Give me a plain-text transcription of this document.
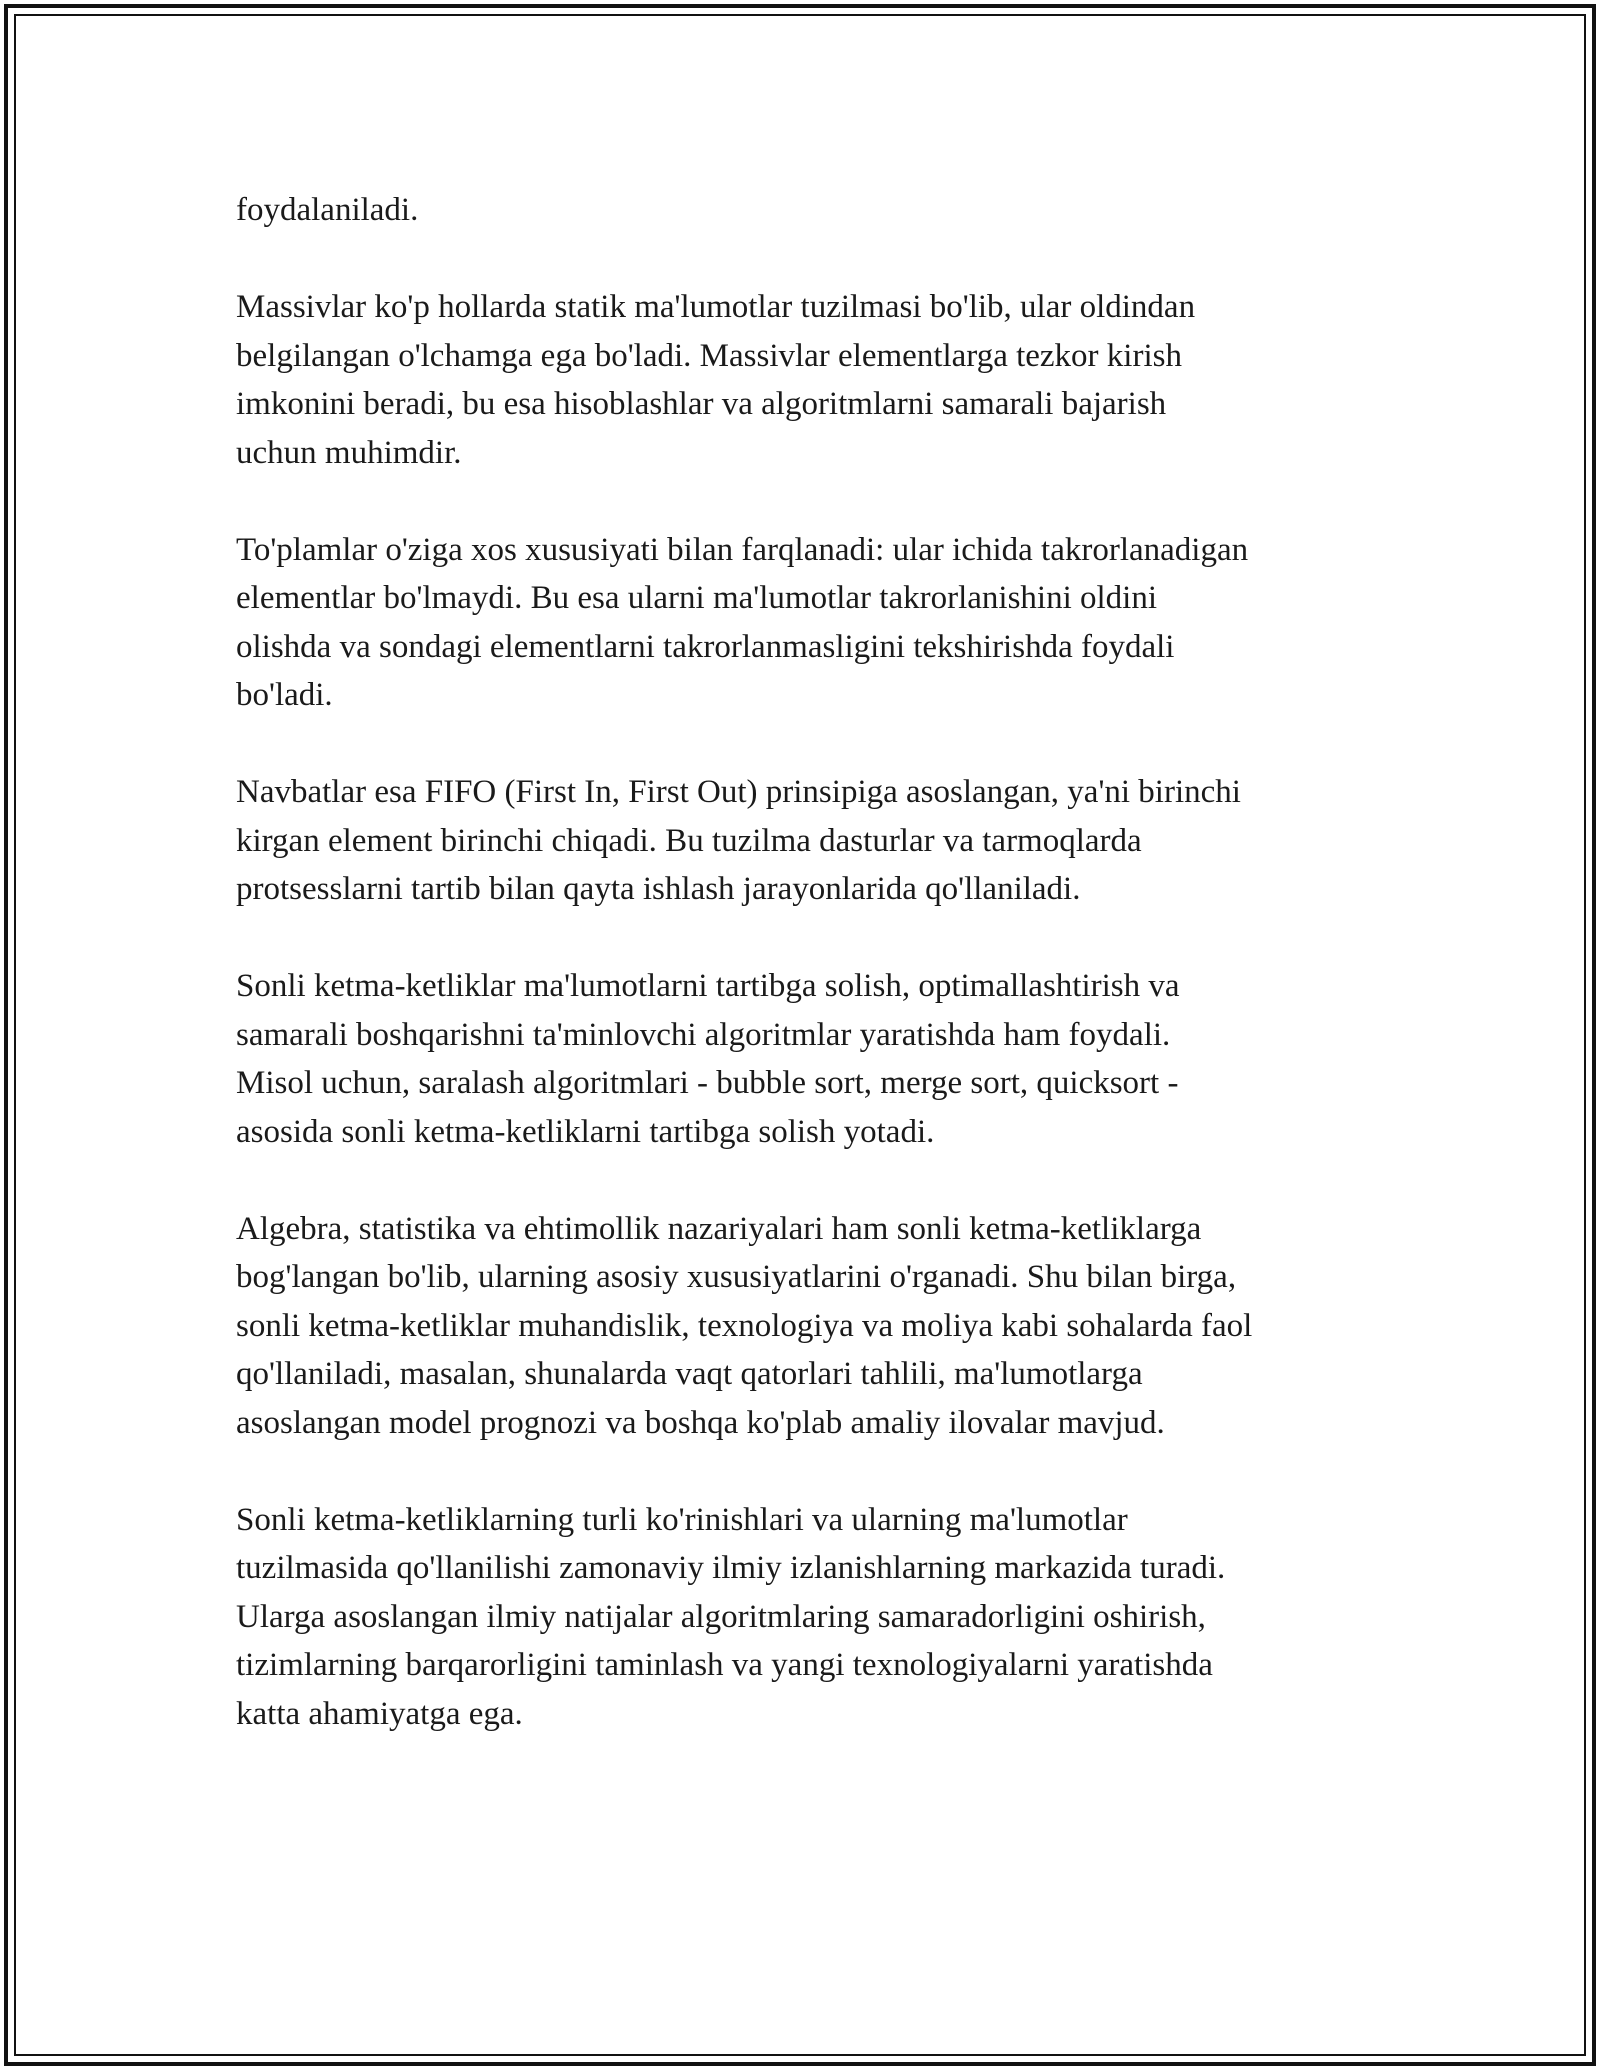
foydalaniladi.

Massivlar ko'p hollarda statik ma'lumotlar tuzilmasi bo'lib, ular oldindan
belgilangan o'lchamga ega bo'ladi. Massivlar elementlarga tezkor kirish
imkonini beradi, bu esa hisoblashlar va algoritmlarni samarali bajarish
uchun muhimdir.

To'plamlar o'ziga xos xususiyati bilan farqlanadi: ular ichida takrorlanadigan
elementlar bo'lmaydi. Bu esa ularni ma'lumotlar takrorlanishini oldini
olishda va sondagi elementlarni takrorlanmasligini tekshirishda foydali
bo'ladi.

Navbatlar esa FIFO (First In, First Out) prinsipiga asoslangan, ya'ni birinchi
kirgan element birinchi chiqadi. Bu tuzilma dasturlar va tarmoqlarda
protsesslarni tartib bilan qayta ishlash jarayonlarida qo'llaniladi.

Sonli ketma-ketliklar ma'lumotlarni tartibga solish, optimallashtirish va
samarali boshqarishni ta'minlovchi algoritmlar yaratishda ham foydali.
Misol uchun, saralash algoritmlari - bubble sort, merge sort, quicksort -
asosida sonli ketma-ketliklarni tartibga solish yotadi.

Algebra, statistika va ehtimollik nazariyalari ham sonli ketma-ketliklarga
bog'langan bo'lib, ularning asosiy xususiyatlarini o'rganadi. Shu bilan birga,
sonli ketma-ketliklar muhandislik, texnologiya va moliya kabi sohalarda faol
qo'llaniladi, masalan, shunalarda vaqt qatorlari tahlili, ma'lumotlarga
asoslangan model prognozi va boshqa ko'plab amaliy ilovalar mavjud.

Sonli ketma-ketliklarning turli ko'rinishlari va ularning ma'lumotlar
tuzilmasida qo'llanilishi zamonaviy ilmiy izlanishlarning markazida turadi.
Ularga asoslangan ilmiy natijalar algoritmlaring samaradorligini oshirish,
tizimlarning barqarorligini taminlash va yangi texnologiyalarni yaratishda
katta ahamiyatga ega.
